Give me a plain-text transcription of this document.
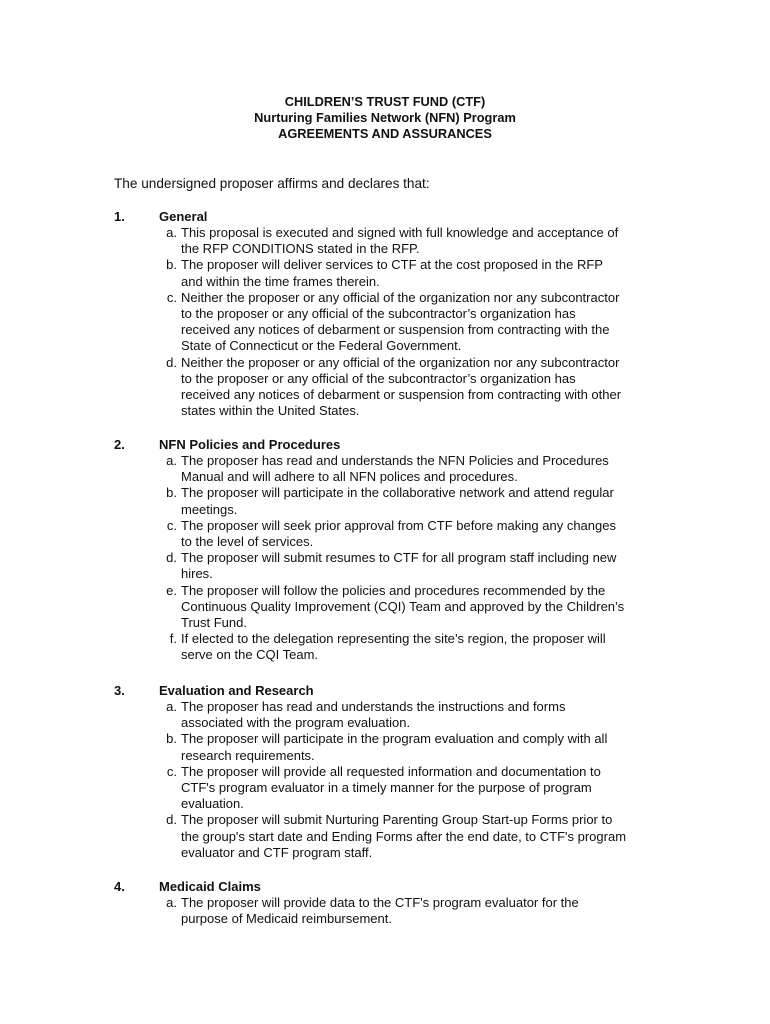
CHILDREN’S TRUST FUND (CTF)
Nurturing Families Network (NFN) Program
AGREEMENTS AND ASSURANCES
The undersigned proposer affirms and declares that:
1.	General
a. This proposal is executed and signed with full knowledge and acceptance of
the RFP CONDITIONS stated in the RFP.
b. The proposer will deliver services to CTF at the cost proposed in the RFP
and within the time frames therein.
c. Neither the proposer or any official of the organization nor any subcontractor
to the proposer or any official of the subcontractor’s organization has
received any notices of debarment or suspension from contracting with the
State of Connecticut or the Federal Government.
d. Neither the proposer or any official of the organization nor any subcontractor
to the proposer or any official of the subcontractor’s organization has
received any notices of debarment or suspension from contracting with other
states within the United States.
2.	NFN Policies and Procedures
a. The proposer has read and understands the NFN Policies and Procedures
Manual and will adhere to all NFN polices and procedures.
b. The proposer will participate in the collaborative network and attend regular
meetings.
c. The proposer will seek prior approval from CTF before making any changes
to the level of services.
d. The proposer will submit resumes to CTF for all program staff including new
hires.
e. The proposer will follow the policies and procedures recommended by the
Continuous Quality Improvement (CQI) Team and approved by the Children’s
Trust Fund.
f. If elected to the delegation representing the site’s region, the proposer will
serve on the CQI Team.
3.	Evaluation and Research
a. The proposer has read and understands the instructions and forms
associated with the program evaluation.
b. The proposer will participate in the program evaluation and comply with all
research requirements.
c. The proposer will provide all requested information and documentation to
CTF's program evaluator in a timely manner for the purpose of program
evaluation.
d. The proposer will submit Nurturing Parenting Group Start-up Forms prior to
the group's start date and Ending Forms after the end date, to CTF's program
evaluator and CTF program staff.
4.	Medicaid Claims
a. The proposer will provide data to the CTF's program evaluator for the
purpose of Medicaid reimbursement.
